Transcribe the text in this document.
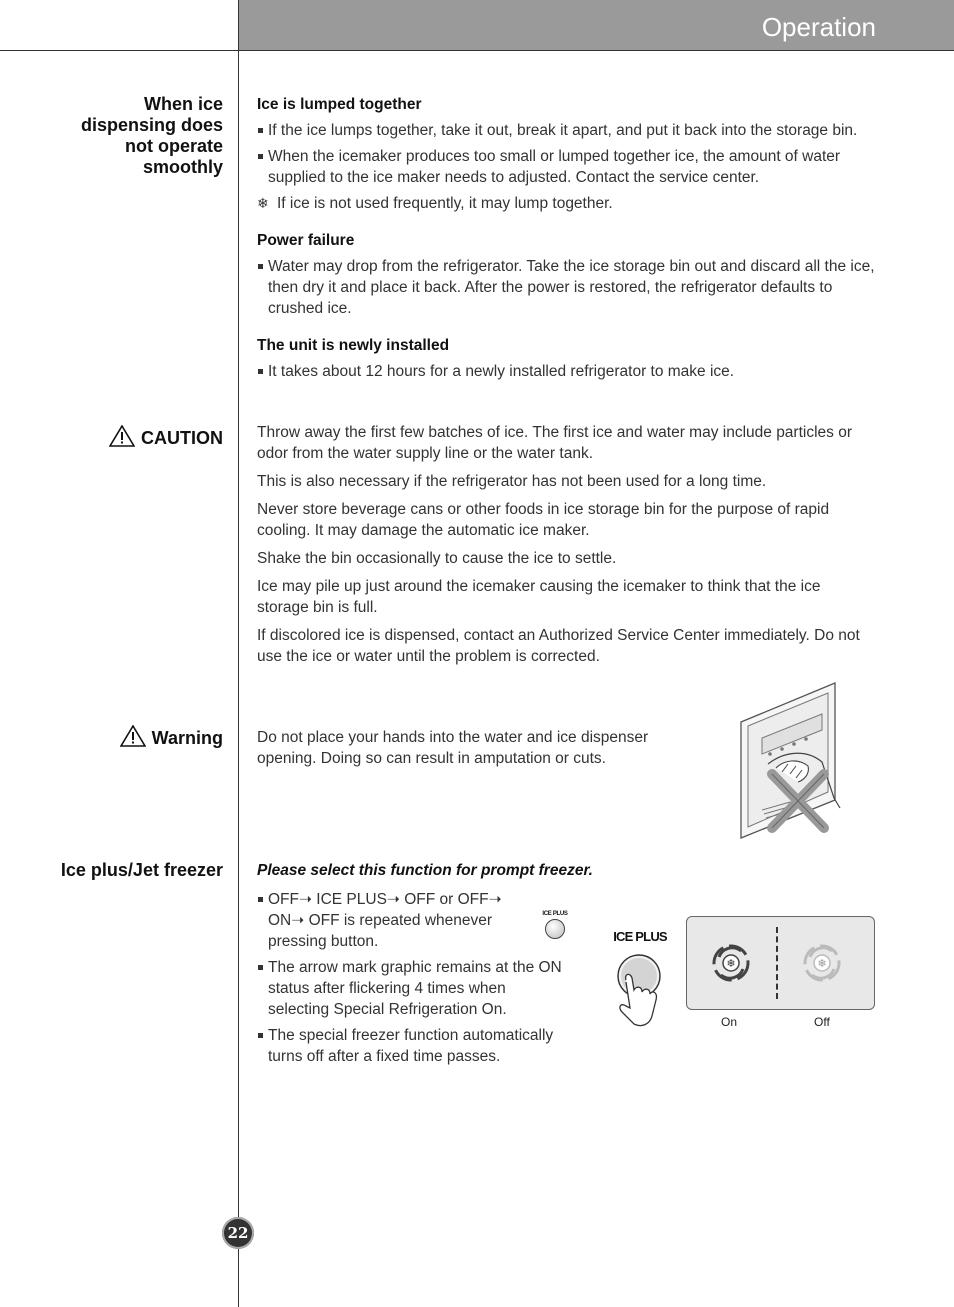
Operation
When ice
dispensing does
not operate
smoothly
Ice is lumped together
If the ice lumps together, take it out, break it apart, and put it back into the storage bin.
When the icemaker produces too small or lumped together ice, the amount of water supplied to the ice maker needs to adjusted. Contact the service center.
❄ If ice is not used frequently, it may lump together.
Power failure
Water may drop from the refrigerator. Take the ice storage bin out and discard all the ice, then dry it and place it back. After the power is restored, the refrigerator defaults to crushed ice.
The unit is newly installed
It takes about 12 hours for a newly installed refrigerator to make ice.
CAUTION Throw away the first few batches of ice. The first ice and water may include particles or odor from the water supply line or the water tank.
This is also necessary if the refrigerator has not been used for a long time.
Never store beverage cans or other foods in ice storage bin for the purpose of rapid cooling. It may damage the automatic ice maker.
Shake the bin occasionally to cause the ice to settle.
Ice may pile up just around the icemaker causing the icemaker to think that the ice storage bin is full.
If discolored ice is dispensed, contact an Authorized Service Center immediately. Do not use the ice or water until the problem is corrected.
Warning Do not place your hands into the water and ice dispenser opening. Doing so can result in amputation or cuts.
Ice plus/Jet freezer Please select this function for prompt freezer.
OFF➝ ICE PLUS➝ OFF or OFF➝ ON➝ OFF is repeated whenever pressing button.
The arrow mark graphic remains at the ON status after flickering 4 times when selecting Special Refrigeration On.
The special freezer function automatically turns off after a fixed time passes.
ICE PLUS
ICE PLUS
❄	❄
On	Off
22
